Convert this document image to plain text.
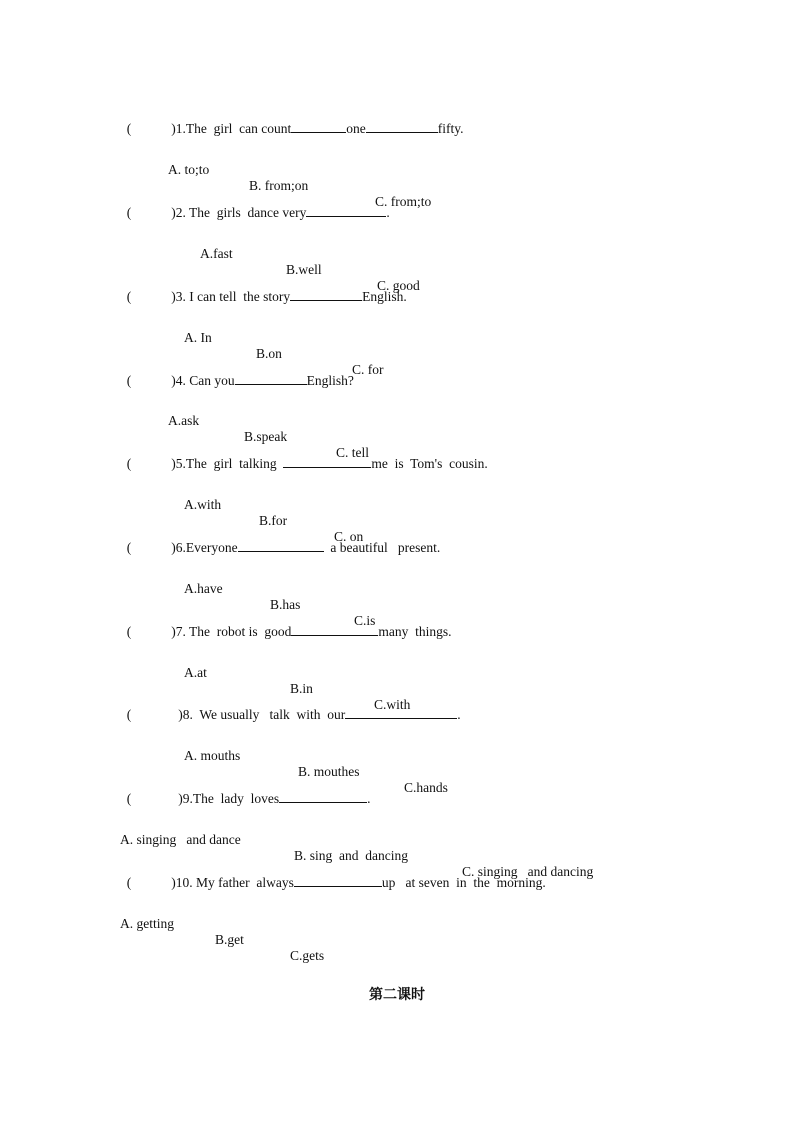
(	)1.The  girl  can count	one	fifty.

A. to;to

B. from;on

C. from;to

(	)2. The  girls  dance very	.

A.fast

B.well

C. good

(	)3. I can tell  the story	English.

A. In

B.on

C. for

(	)4. Can you	English?

A.ask

B.speak

C. tell

(	)5.The  girl  talking	me  is  Tom's  cousin.

A.with

B.for

C. on

(	)6.Everyone	a beautiful   present.

A.have

B.has

C.is

(	)7. The  robot is  good	many  things.

A.at

B.in

C.with

(	)8.  We usually   talk  with  our	.

A. mouths

B. mouthes

C.hands

(	)9.The  lady  loves	.

A. singing   and dance

B. sing  and  dancing

C. singing   and dancing

(	)10. My father  always	up   at seven  in  the  morning.

A. getting

B.get

C.gets

第二课时
